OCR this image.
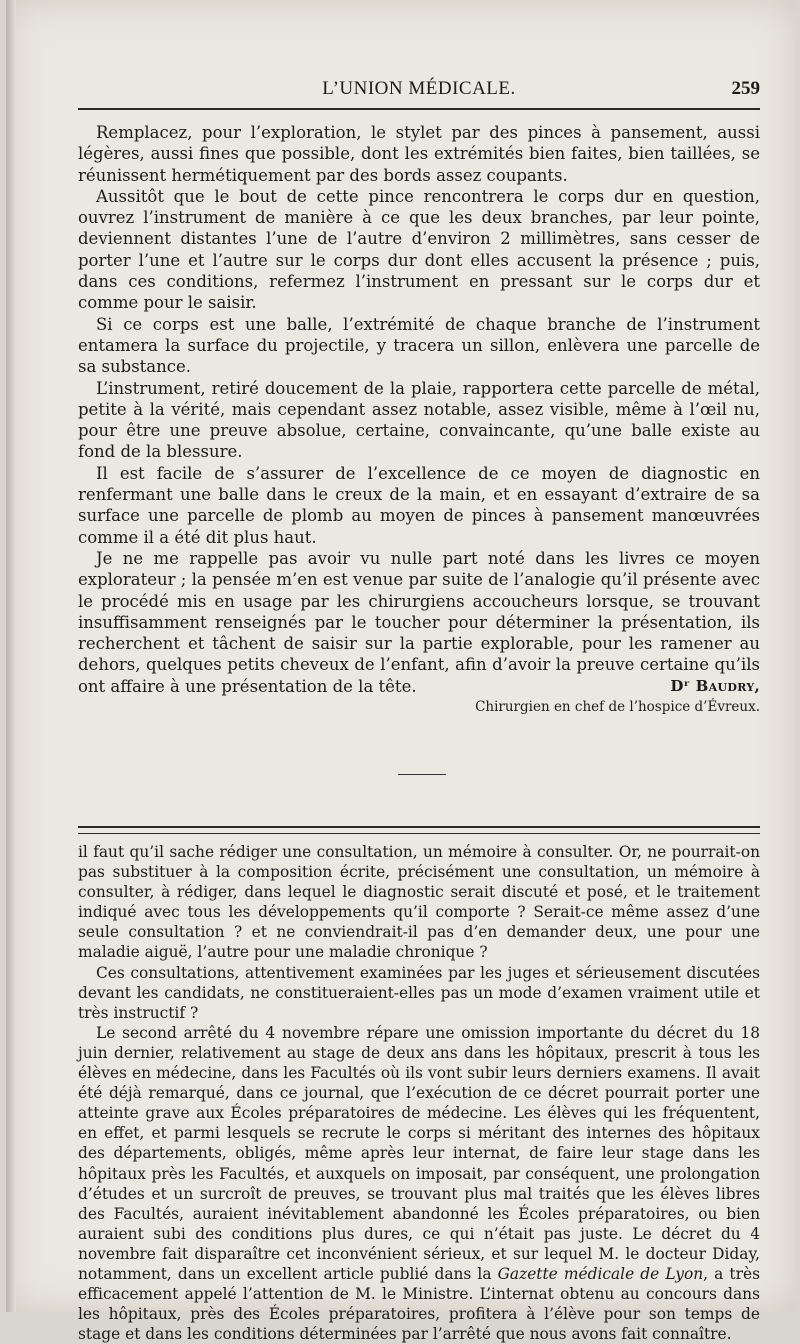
L’UNION MÉDICALE.	259

Remplacez, pour l’exploration, le stylet par des pinces à pansement, aussi légères, aussi fines que possible, dont les extrémités bien faites, bien taillées, se réunissent hermétiquement par des bords assez coupants.

Aussitôt que le bout de cette pince rencontrera le corps dur en question, ouvrez l’instrument de manière à ce que les deux branches, par leur pointe, deviennent distantes l’une de l’autre d’environ 2 millimètres, sans cesser de porter l’une et l’autre sur le corps dur dont elles accusent la présence ; puis, dans ces conditions, refermez l’instrument en pressant sur le corps dur et comme pour le saisir.

Si ce corps est une balle, l’extrémité de chaque branche de l’instrument entamera la surface du projectile, y tracera un sillon, enlèvera une parcelle de sa substance.

L’instrument, retiré doucement de la plaie, rapportera cette parcelle de métal, petite à la vérité, mais cependant assez notable, assez visible, même à l’œil nu, pour être une preuve absolue, certaine, convaincante, qu’une balle existe au fond de la blessure.

Il est facile de s’assurer de l’excellence de ce moyen de diagnostic en renfermant une balle dans le creux de la main, et en essayant d’extraire de sa surface une parcelle de plomb au moyen de pinces à pansement manœuvrées comme il a été dit plus haut.

Je ne me rappelle pas avoir vu nulle part noté dans les livres ce moyen explorateur ; la pensée m’en est venue par suite de l’analogie qu’il présente avec le procédé mis en usage par les chirurgiens accoucheurs lorsque, se trouvant insuffisamment renseignés par le toucher pour déterminer la présentation, ils recherchent et tâchent de saisir sur la partie explorable, pour les ramener au dehors, quelques petits cheveux de l’enfant, afin d’avoir la preuve certaine qu’ils ont affaire à une présentation de la tête.	Dʳ Baudry,
Chirurgien en chef de l’hospice d’Évreux.

il faut qu’il sache rédiger une consultation, un mémoire à consulter. Or, ne pourrait-on pas substituer à la composition écrite, précisément une consultation, un mémoire à consulter, à rédiger, dans lequel le diagnostic serait discuté et posé, et le traitement indiqué avec tous les développements qu’il comporte ? Serait-ce même assez d’une seule consultation ? et ne conviendrait-il pas d’en demander deux, une pour une maladie aiguë, l’autre pour une maladie chronique ?

Ces consultations, attentivement examinées par les juges et sérieusement discutées devant les candidats, ne constitueraient-elles pas un mode d’examen vraiment utile et très instructif ?

Le second arrêté du 4 novembre répare une omission importante du décret du 18 juin dernier, relativement au stage de deux ans dans les hôpitaux, prescrit à tous les élèves en médecine, dans les Facultés où ils vont subir leurs derniers examens. Il avait été déjà remarqué, dans ce journal, que l’exécution de ce décret pourrait porter une atteinte grave aux Écoles préparatoires de médecine. Les élèves qui les fréquentent, en effet, et parmi lesquels se recrute le corps si méritant des internes des hôpitaux des départements, obligés, même après leur internat, de faire leur stage dans les hôpitaux près les Facultés, et auxquels on imposait, par conséquent, une prolongation d’études et un surcroît de preuves, se trouvant plus mal traités que les élèves libres des Facultés, auraient inévitablement abandonné les Écoles préparatoires, ou bien auraient subi des conditions plus dures, ce qui n’était pas juste. Le décret du 4 novembre fait disparaître cet inconvénient sérieux, et sur lequel M. le docteur Diday, notamment, dans un excellent article publié dans la Gazette médicale de Lyon, a très efficacement appelé l’attention de M. le Ministre. L’internat obtenu au concours dans les hôpitaux, près des Écoles préparatoires, profitera à l’élève pour son temps de stage et dans les conditions déterminées par l’arrêté que nous avons fait connaître.
